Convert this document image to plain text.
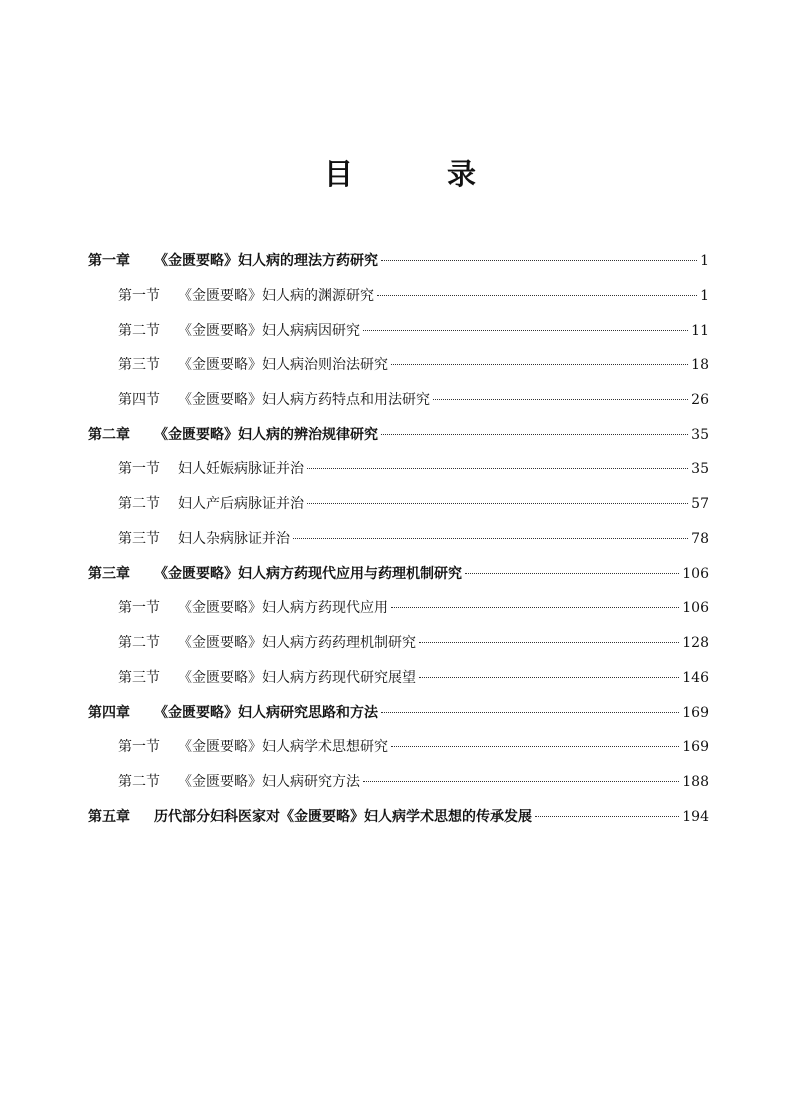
目 录
第一章	《金匮要略》妇人病的理法方药研究	1
第一节	《金匮要略》妇人病的渊源研究	1
第二节	《金匮要略》妇人病病因研究	11
第三节	《金匮要略》妇人病治则治法研究	18
第四节	《金匮要略》妇人病方药特点和用法研究	26
第二章	《金匮要略》妇人病的辨治规律研究	35
第一节	妇人妊娠病脉证并治	35
第二节	妇人产后病脉证并治	57
第三节	妇人杂病脉证并治	78
第三章	《金匮要略》妇人病方药现代应用与药理机制研究	106
第一节	《金匮要略》妇人病方药现代应用	106
第二节	《金匮要略》妇人病方药药理机制研究	128
第三节	《金匮要略》妇人病方药现代研究展望	146
第四章	《金匮要略》妇人病研究思路和方法	169
第一节	《金匮要略》妇人病学术思想研究	169
第二节	《金匮要略》妇人病研究方法	188
第五章	历代部分妇科医家对《金匮要略》妇人病学术思想的传承发展	194
